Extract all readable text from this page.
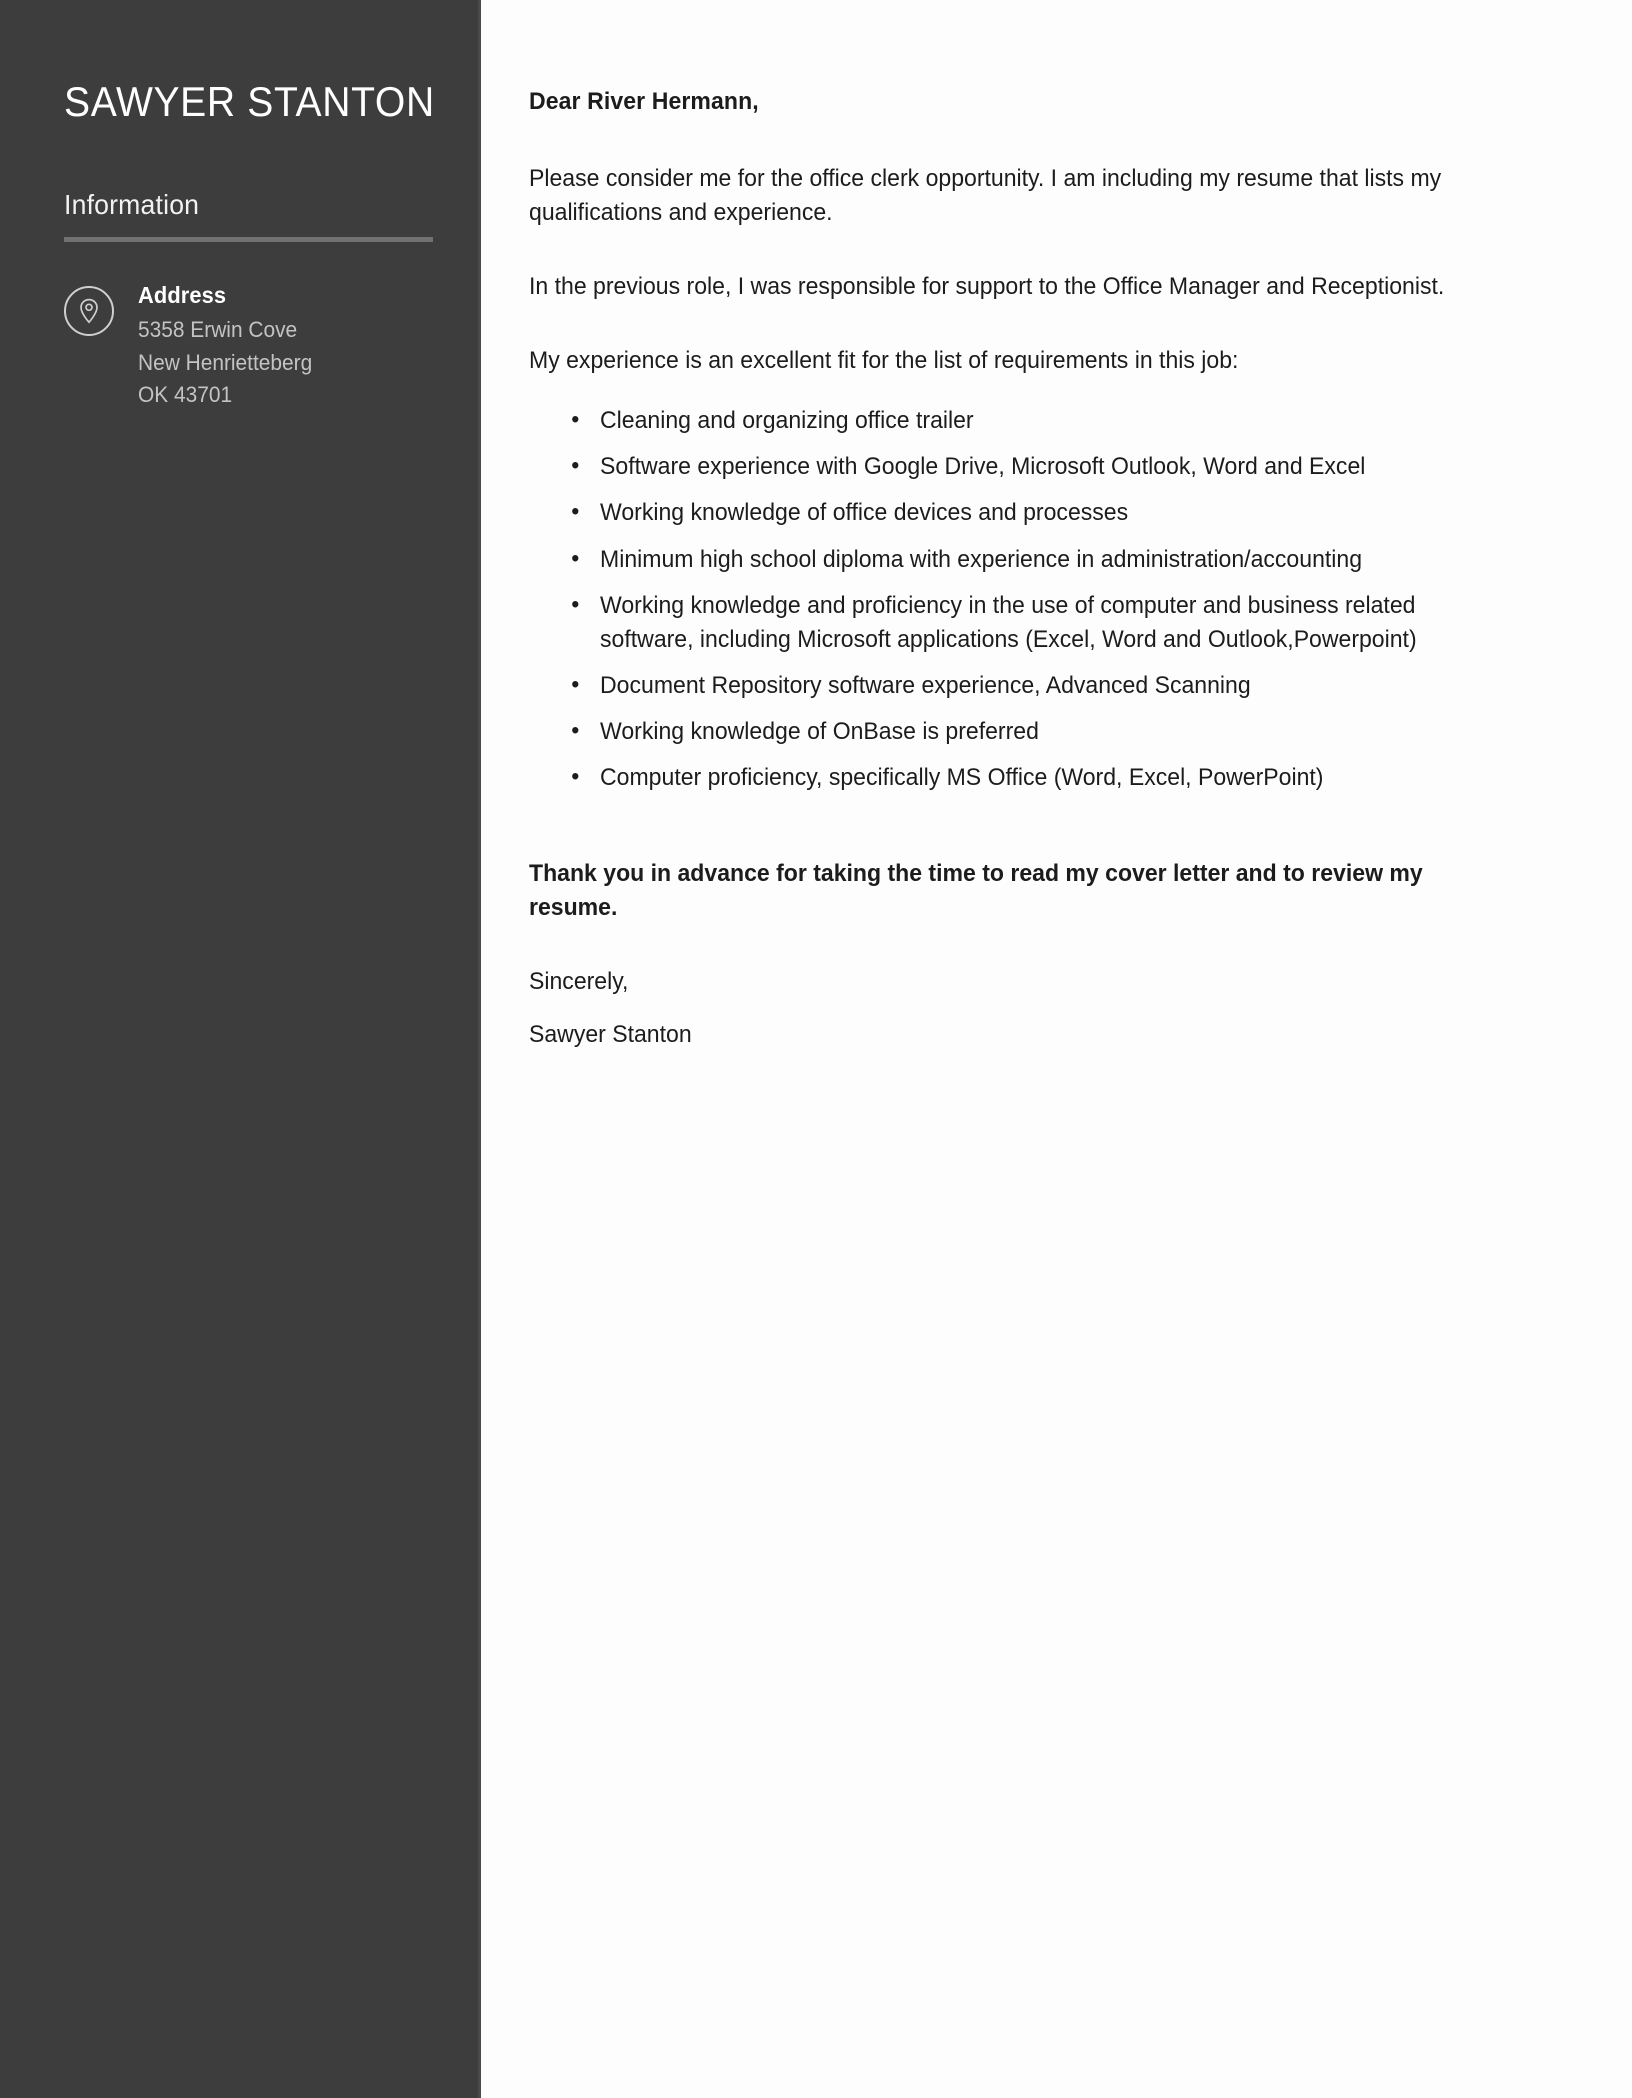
SAWYER STANTON
Information
Address
5358 Erwin Cove
New Henrietteberg
OK 43701

Dear River Hermann,

Please consider me for the office clerk opportunity. I am including my resume that lists my qualifications and experience.

In the previous role, I was responsible for support to the Office Manager and Receptionist.

My experience is an excellent fit for the list of requirements in this job:

• Cleaning and organizing office trailer
• Software experience with Google Drive, Microsoft Outlook, Word and Excel
• Working knowledge of office devices and processes
• Minimum high school diploma with experience in administration/accounting
• Working knowledge and proficiency in the use of computer and business related software, including Microsoft applications (Excel, Word and Outlook,Powerpoint)
• Document Repository software experience, Advanced Scanning
• Working knowledge of OnBase is preferred
• Computer proficiency, specifically MS Office (Word, Excel, PowerPoint)

Thank you in advance for taking the time to read my cover letter and to review my resume.

Sincerely,

Sawyer Stanton
